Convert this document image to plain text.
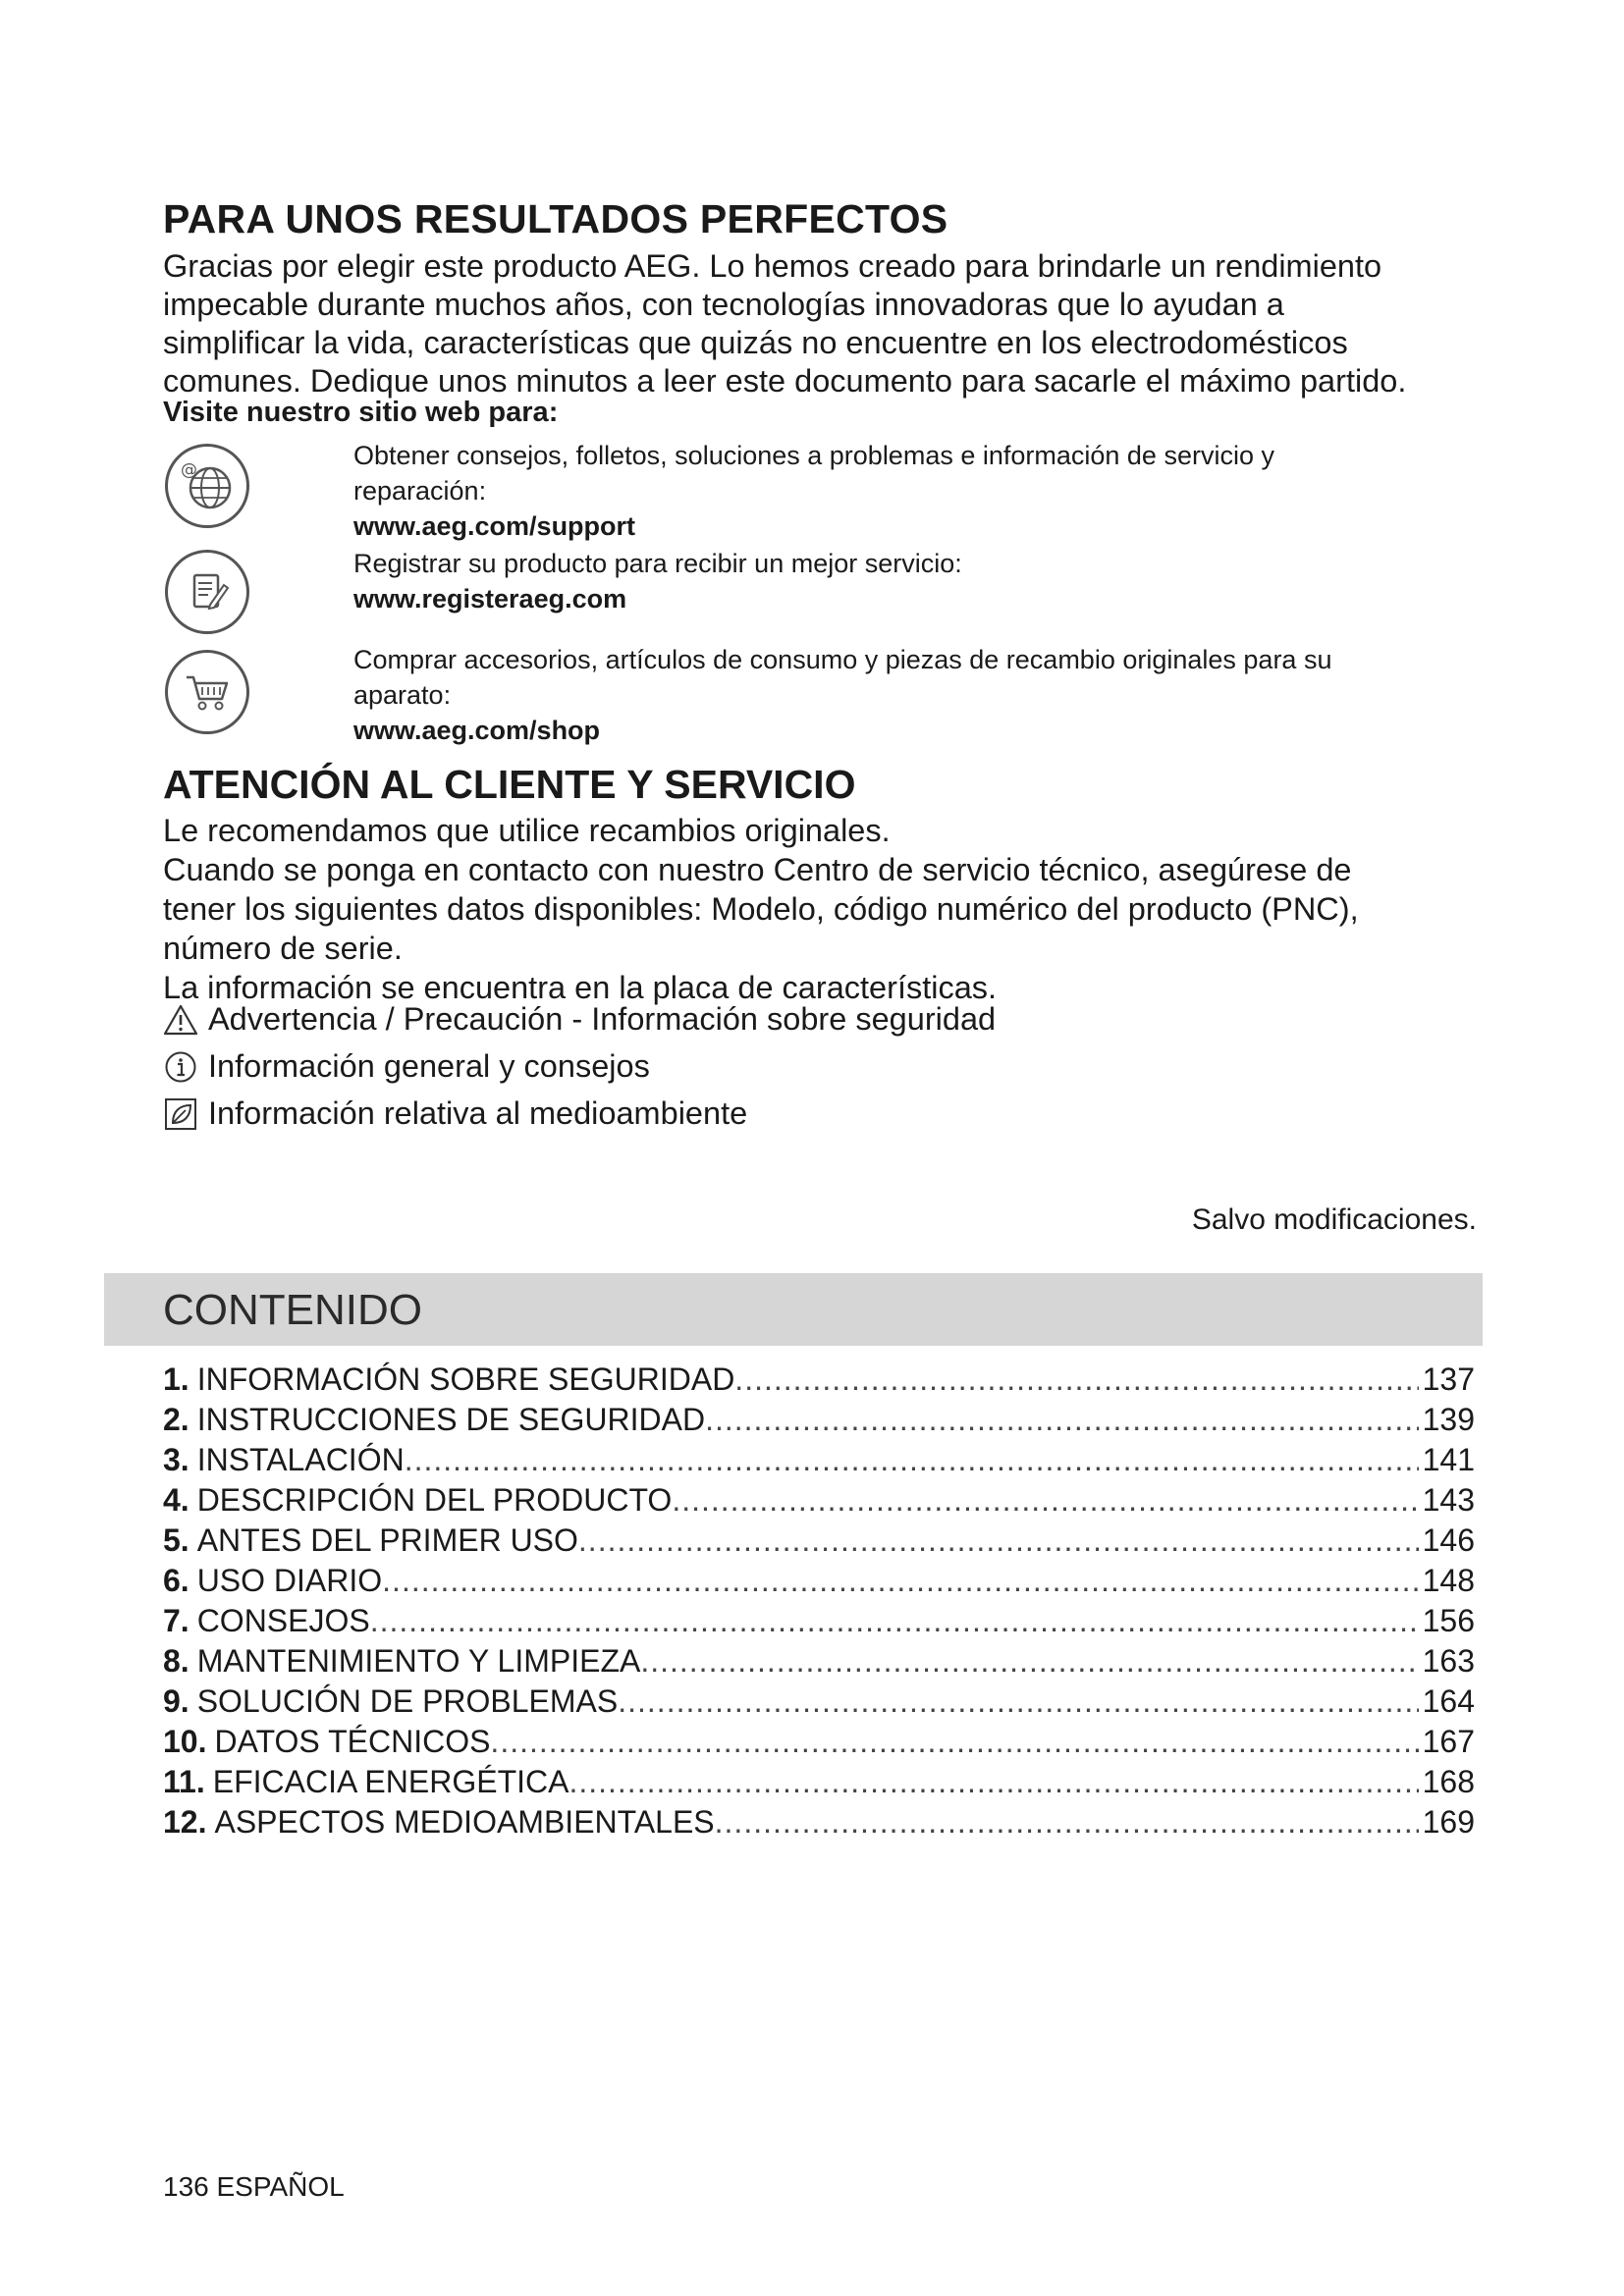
PARA UNOS RESULTADOS PERFECTOS
Gracias por elegir este producto AEG. Lo hemos creado para brindarle un rendimiento
impecable durante muchos años, con tecnologías innovadoras que lo ayudan a
simplificar la vida, características que quizás no encuentre en los electrodomésticos
comunes. Dedique unos minutos a leer este documento para sacarle el máximo partido.
Visite nuestro sitio web para:
@	Obtener consejos, folletos, soluciones a problemas e información de servicio y
reparación:
www.aeg.com/support
Registrar su producto para recibir un mejor servicio:
www.registeraeg.com
Comprar accesorios, artículos de consumo y piezas de recambio originales para su
aparato:
www.aeg.com/shop
ATENCIÓN AL CLIENTE Y SERVICIO
Le recomendamos que utilice recambios originales.
Cuando se ponga en contacto con nuestro Centro de servicio técnico, asegúrese de
tener los siguientes datos disponibles: Modelo, código numérico del producto (PNC),
número de serie.
La información se encuentra en la placa de características.
Advertencia / Precaución - Información sobre seguridad
Información general y consejos
Información relativa al medioambiente
Salvo modificaciones.
CONTENIDO
1. INFORMACIÓN SOBRE SEGURIDAD .....	137
2. INSTRUCCIONES DE SEGURIDAD .....	139
3. INSTALACIÓN .....	141
4. DESCRIPCIÓN DEL PRODUCTO .....	143
5. ANTES DEL PRIMER USO .....	146
6. USO DIARIO .....	148
7. CONSEJOS .....	156
8. MANTENIMIENTO Y LIMPIEZA .....	163
9. SOLUCIÓN DE PROBLEMAS .....	164
10. DATOS TÉCNICOS .....	167
11. EFICACIA ENERGÉTICA .....	168
12. ASPECTOS MEDIOAMBIENTALES .....	169
136 ESPAÑOL
